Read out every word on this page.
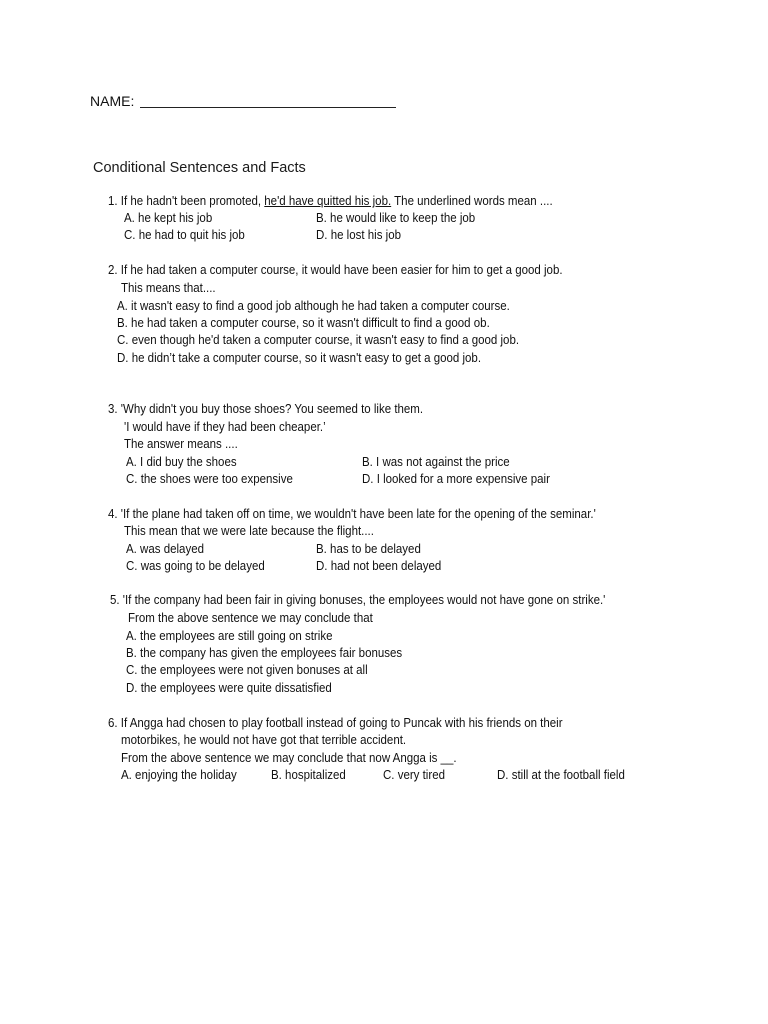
NAME:
Conditional Sentences and Facts
1. If he hadn't been promoted, he'd have quitted his job. The underlined words mean ....
A. he kept his job	B. he would like to keep the job
C. he had to quit his job	D. he lost his job
2. If he had taken a computer course, it would have been easier for him to get a good job.
This means that....
A. it wasn't easy to find a good job although he had taken a computer course.
B. he had taken a computer course, so it wasn't difficult to find a good ob.
C. even though he'd taken a computer course, it wasn't easy to find a good job.
D. he didn’t take a computer course, so it wasn't easy to get a good job.
3. 'Why didn't you buy those shoes? You seemed to like them.
'I would have if they had been cheaper.’
The answer means ....
A. I did buy the shoes	B. I was not against the price
C. the shoes were too expensive	D. I looked for a more expensive pair
4. 'If the plane had taken off on time, we wouldn't have been late for the opening of the seminar.'
This mean that we were late because the flight....
A. was delayed	B. has to be delayed
C. was going to be delayed	D. had not been delayed
5. 'If the company had been fair in giving bonuses, the employees would not have gone on strike.'
From the above sentence we may conclude that
A. the employees are still going on strike
B. the company has given the employees fair bonuses
C. the employees were not given bonuses at all
D. the employees were quite dissatisfied
6. If Angga had chosen to play football instead of going to Puncak with his friends on their
motorbikes, he would not have got that terrible accident.
From the above sentence we may conclude that now Angga is __.
A. enjoying the holiday	B. hospitalized	C. very tired	D. still at the football field
